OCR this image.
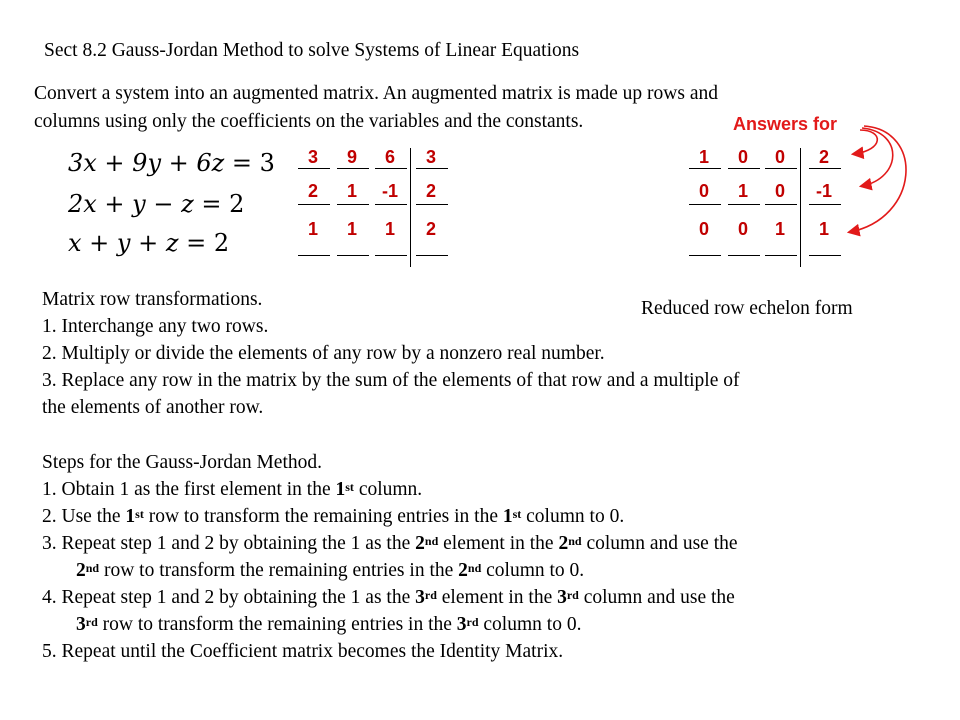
Sect 8.2 Gauss-Jordan Method to solve Systems of Linear Equations
Convert a system into an augmented matrix. An augmented matrix is made up rows and
columns using only the coefficients on the variables and the constants.
3x + 9y + 6z = 3
2x + y − z = 2
x + y + z = 2
3	9	6	3
2	1	-1	2
1	1	1	2
Answers for
1	0	0	2
0	1	0	-1
0	0	1	1
Reduced row echelon form
Matrix row transformations.
1. Interchange any two rows.
2. Multiply or divide the elements of any row by a nonzero real number.
3. Replace any row in the matrix by the sum of the elements of that row and a multiple of
the elements of another row.
Steps for the Gauss-Jordan Method.
1. Obtain 1 as the first element in the 1st column.
2. Use the 1st row to transform the remaining entries in the 1st column to 0.
3. Repeat step 1 and 2 by obtaining the 1 as the 2nd element in the 2nd column and use the
2nd row to transform the remaining entries in the 2nd column to 0.
4. Repeat step 1 and 2 by obtaining the 1 as the 3rd element in the 3rd column and use the
3rd row to transform the remaining entries in the 3rd column to 0.
5. Repeat until the Coefficient matrix becomes the Identity Matrix.
